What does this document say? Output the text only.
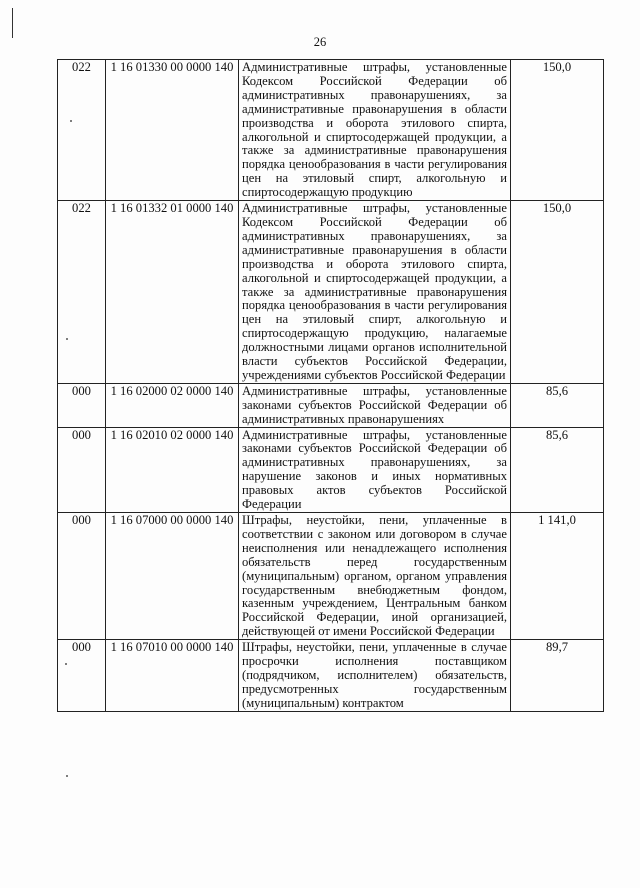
26
022	1 16 01330 00 0000 140	Административные штрафы, установленные Кодексом Российской Федерации об административных правонарушениях, за административные правонарушения в области производства и оборота этилового спирта, алкогольной и спиртосодержащей продукции, а также за административные правонарушения порядка ценообразования в части регулирования цен на этиловый спирт, алкогольную и спиртосодержащую продукцию	150,0
022	1 16 01332 01 0000 140	Административные штрафы, установленные Кодексом Российской Федерации об административных правонарушениях, за административные правонарушения в области производства и оборота этилового спирта, алкогольной и спиртосодержащей продукции, а также за административные правонарушения порядка ценообразования в части регулирования цен на этиловый спирт, алкогольную и спиртосодержащую продукцию, налагаемые должностными лицами органов исполнительной власти субъектов Российской Федерации, учреждениями субъектов Российской Федерации	150,0
000	1 16 02000 02 0000 140	Административные штрафы, установленные законами субъектов Российской Федерации об административных правонарушениях	85,6
000	1 16 02010 02 0000 140	Административные штрафы, установленные законами субъектов Российской Федерации об административных правонарушениях, за нарушение законов и иных нормативных правовых актов субъектов Российской Федерации	85,6
000	1 16 07000 00 0000 140	Штрафы, неустойки, пени, уплаченные в соответствии с законом или договором в случае неисполнения или ненадлежащего исполнения обязательств перед государственным (муниципальным) органом, органом управления государственным внебюджетным фондом, казенным учреждением, Центральным банком Российской Федерации, иной организацией, действующей от имени Российской Федерации	1 141,0
000	1 16 07010 00 0000 140	Штрафы, неустойки, пени, уплаченные в случае просрочки исполнения поставщиком (подрядчиком, исполнителем) обязательств, предусмотренных государственным (муниципальным) контрактом	89,7
